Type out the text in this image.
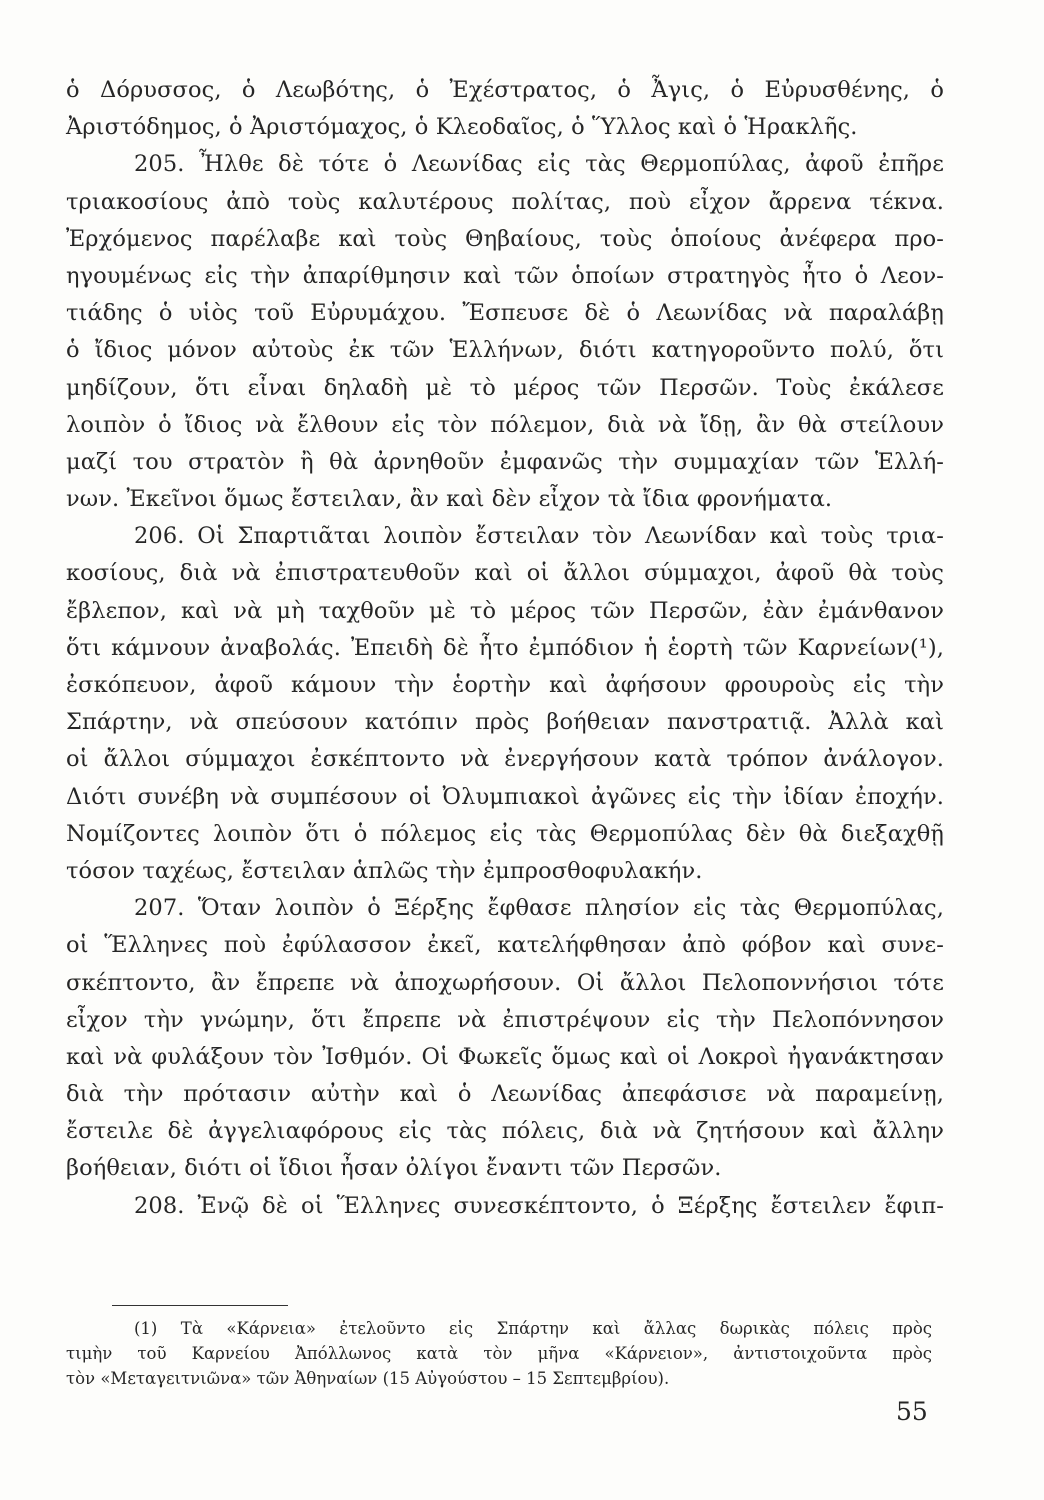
ὁ Δόρυσσος, ὁ Λεωβότης, ὁ Ἐχέστρατος, ὁ Ἆγις, ὁ Εὐρυσθένης, ὁ
Ἀριστόδημος, ὁ Ἀριστόμαχος, ὁ Κλεοδαῖος, ὁ Ὕλλος καὶ ὁ Ἡρακλῆς.
205. Ἦλθε δὲ τότε ὁ Λεωνίδας εἰς τὰς Θερμοπύλας, ἀφοῦ ἐπῆρε
τριακοσίους ἀπὸ τοὺς καλυτέρους πολίτας, ποὺ εἶχον ἄρρενα τέκνα.
Ἐρχόμενος παρέλαβε καὶ τοὺς Θηβαίους, τοὺς ὁποίους ἀνέφερα προ-
ηγουμένως εἰς τὴν ἀπαρίθμησιν καὶ τῶν ὁποίων στρατηγὸς ἦτο ὁ Λεον-
τιάδης ὁ υἱὸς τοῦ Εὐρυμάχου. Ἔσπευσε δὲ ὁ Λεωνίδας νὰ παραλάβῃ
ὁ ἴδιος μόνον αὐτοὺς ἐκ τῶν Ἑλλήνων, διότι κατηγοροῦντο πολύ, ὅτι
μηδίζουν, ὅτι εἶναι δηλαδὴ μὲ τὸ μέρος τῶν Περσῶν. Τοὺς ἐκάλεσε
λοιπὸν ὁ ἴδιος νὰ ἔλθουν εἰς τὸν πόλεμον, διὰ νὰ ἴδῃ, ἂν θὰ στείλουν
μαζί του στρατὸν ἢ θὰ ἀρνηθοῦν ἐμφανῶς τὴν συμμαχίαν τῶν Ἑλλή-
νων. Ἐκεῖνοι ὅμως ἔστειλαν, ἂν καὶ δὲν εἶχον τὰ ἴδια φρονήματα.
206. Οἱ Σπαρτιᾶται λοιπὸν ἔστειλαν τὸν Λεωνίδαν καὶ τοὺς τρια-
κοσίους, διὰ νὰ ἐπιστρατευθοῦν καὶ οἱ ἄλλοι σύμμαχοι, ἀφοῦ θὰ τοὺς
ἔβλεπον, καὶ νὰ μὴ ταχθοῦν μὲ τὸ μέρος τῶν Περσῶν, ἐὰν ἐμάνθανον
ὅτι κάμνουν ἀναβολάς. Ἐπειδὴ δὲ ἦτο ἐμπόδιον ἡ ἑορτὴ τῶν Καρνείων(¹),
ἐσκόπευον, ἀφοῦ κάμουν τὴν ἑορτὴν καὶ ἀφήσουν φρουροὺς εἰς τὴν
Σπάρτην, νὰ σπεύσουν κατόπιν πρὸς βοήθειαν πανστρατιᾷ. Ἀλλὰ καὶ
οἱ ἄλλοι σύμμαχοι ἐσκέπτοντο νὰ ἐνεργήσουν κατὰ τρόπον ἀνάλογον.
Διότι συνέβη νὰ συμπέσουν οἱ Ὀλυμπιακοὶ ἀγῶνες εἰς τὴν ἰδίαν ἐποχήν.
Νομίζοντες λοιπὸν ὅτι ὁ πόλεμος εἰς τὰς Θερμοπύλας δὲν θὰ διεξαχθῇ
τόσον ταχέως, ἔστειλαν ἁπλῶς τὴν ἐμπροσθοφυλακήν.
207. Ὅταν λοιπὸν ὁ Ξέρξης ἔφθασε πλησίον εἰς τὰς Θερμοπύλας,
οἱ Ἕλληνες ποὺ ἐφύλασσον ἐκεῖ, κατελήφθησαν ἀπὸ φόβον καὶ συνε-
σκέπτοντο, ἂν ἔπρεπε νὰ ἀποχωρήσουν. Οἱ ἄλλοι Πελοποννήσιοι τότε
εἶχον τὴν γνώμην, ὅτι ἔπρεπε νὰ ἐπιστρέψουν εἰς τὴν Πελοπόννησον
καὶ νὰ φυλάξουν τὸν Ἰσθμόν. Οἱ Φωκεῖς ὅμως καὶ οἱ Λοκροὶ ἠγανάκτησαν
διὰ τὴν πρότασιν αὐτὴν καὶ ὁ Λεωνίδας ἀπεφάσισε νὰ παραμείνῃ,
ἔστειλε δὲ ἀγγελιαφόρους εἰς τὰς πόλεις, διὰ νὰ ζητήσουν καὶ ἄλλην
βοήθειαν, διότι οἱ ἴδιοι ἦσαν ὀλίγοι ἔναντι τῶν Περσῶν.
208. Ἐνῷ δὲ οἱ Ἕλληνες συνεσκέπτοντο, ὁ Ξέρξης ἔστειλεν ἔφιπ-
(1) Τὰ «Κάρνεια» ἐτελοῦντο εἰς Σπάρτην καὶ ἄλλας δωρικὰς πόλεις πρὸς
τιμὴν τοῦ Καρνείου Ἀπόλλωνος κατὰ τὸν μῆνα «Κάρνειον», ἀντιστοιχοῦντα πρὸς
τὸν «Μεταγειτνιῶνα» τῶν Ἀθηναίων (15 Αὐγούστου – 15 Σεπτεμβρίου).
55
